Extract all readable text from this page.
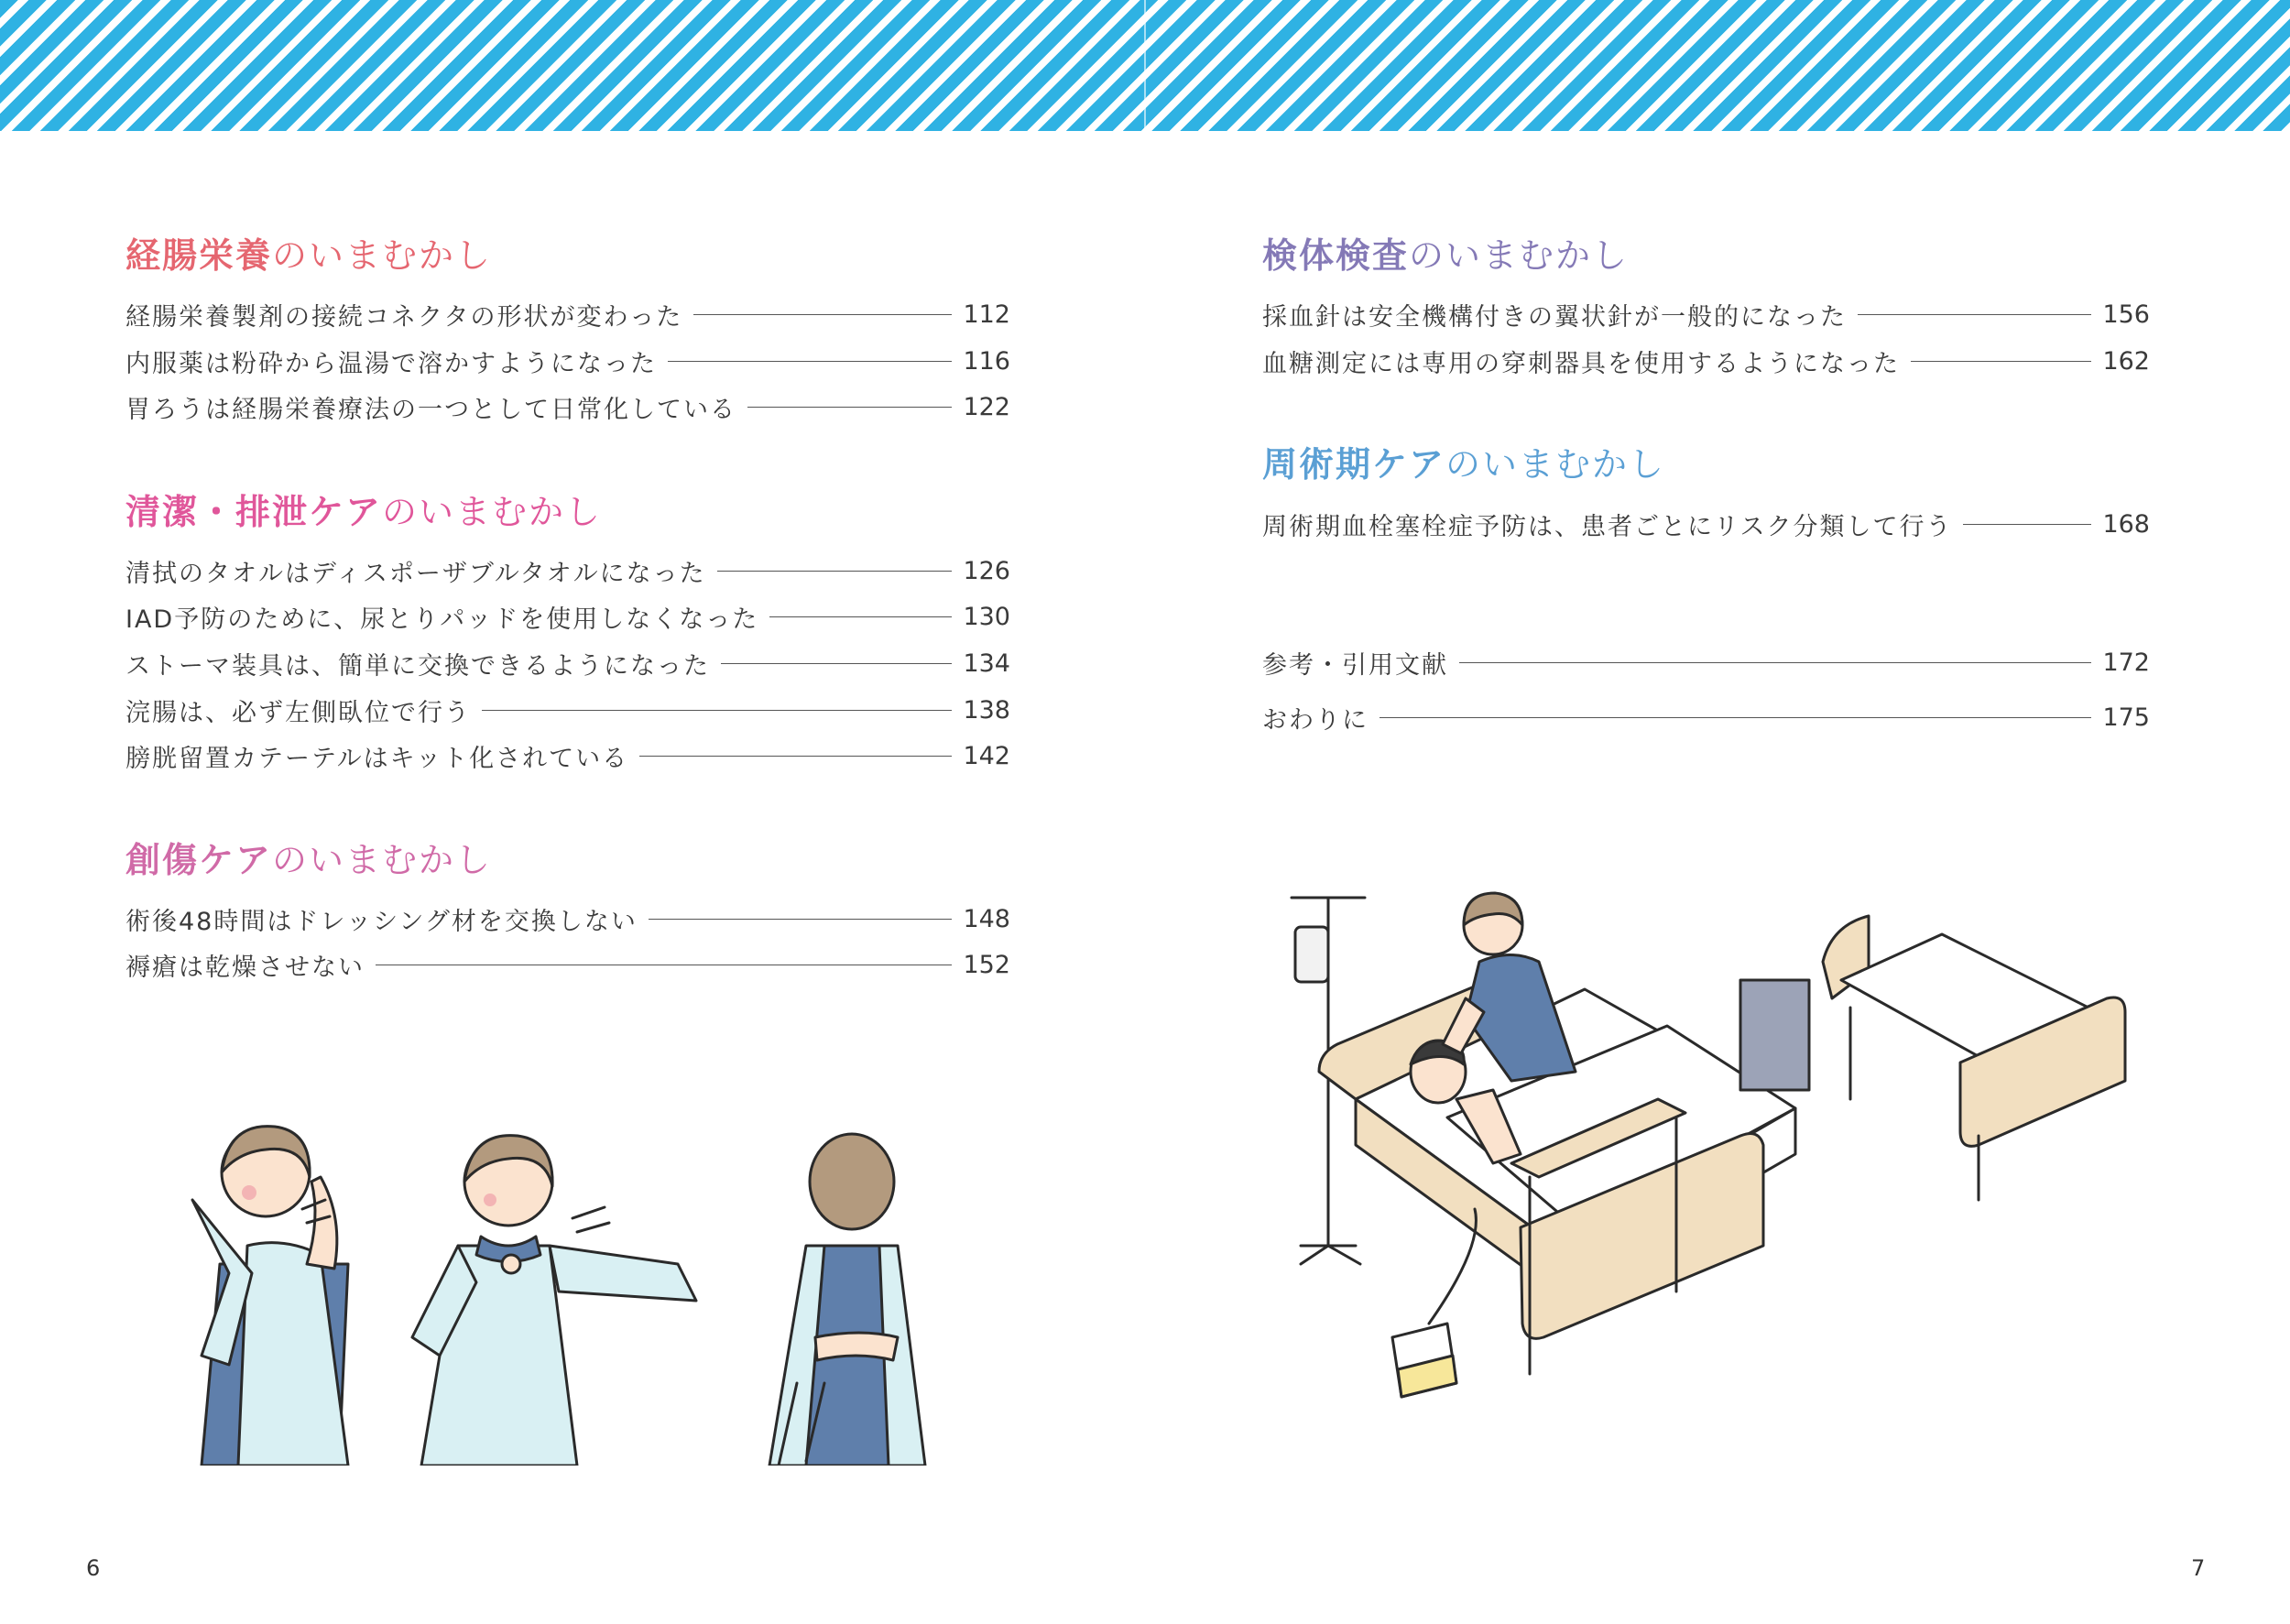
経腸栄養のいまむかし
経腸栄養製剤の接続コネクタの形状が変わった	112
内服薬は粉砕から温湯で溶かすようになった	116
胃ろうは経腸栄養療法の一つとして日常化している	122
清潔・排泄ケアのいまむかし
清拭のタオルはディスポーザブルタオルになった	126
IAD予防のために、尿とりパッドを使用しなくなった	130
ストーマ装具は、簡単に交換できるようになった	134
浣腸は、必ず左側臥位で行う	138
膀胱留置カテーテルはキット化されている	142
創傷ケアのいまむかし
術後48時間はドレッシング材を交換しない	148
褥瘡は乾燥させない	152
6
検体検査のいまむかし
採血針は安全機構付きの翼状針が一般的になった	156
血糖測定には専用の穿刺器具を使用するようになった	162
周術期ケアのいまむかし
周術期血栓塞栓症予防は、患者ごとにリスク分類して行う	168
参考・引用文献	172
おわりに	175
7
